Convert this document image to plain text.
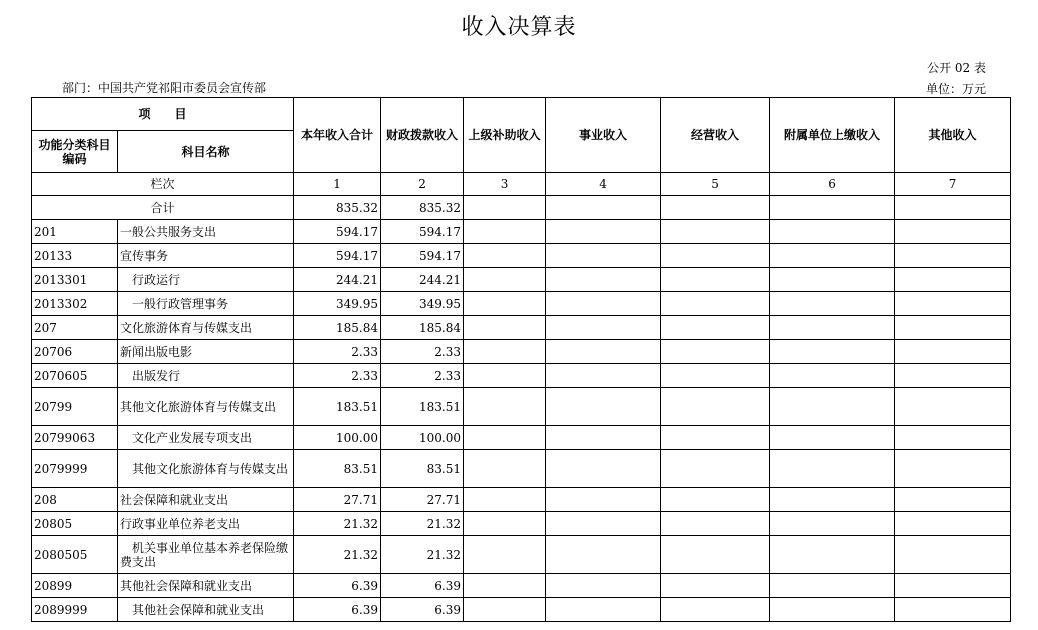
收入决算表
公开 02 表
单位：万元
部门：中国共产党祁阳市委员会宣传部
项　　目		本年收入合计	财政拨款收入	上级补助收入	事业收入	经营收入	附属单位上缴收入	其他收入
功能分类科目编码	科目名称							
栏次		1	2	3	4	5	6	7
合计		835.32	835.32					
201	一般公共服务支出	594.17	594.17					
20133	宣传事务	594.17	594.17					
2013301	　行政运行	244.21	244.21					
2013302	　一般行政管理事务	349.95	349.95					
207	文化旅游体育与传媒支出	185.84	185.84					
20706	新闻出版电影	2.33	2.33					
2070605	　出版发行	2.33	2.33					
20799	其他文化旅游体育与传媒支出	183.51	183.51					
20799063	　文化产业发展专项支出	100.00	100.00					
2079999	　其他文化旅游体育与传媒支出	83.51	83.51					
208	社会保障和就业支出	27.71	27.71					
20805	行政事业单位养老支出	21.32	21.32					
2080505	　机关事业单位基本养老保险缴费支出	21.32	21.32					
20899	其他社会保障和就业支出	6.39	6.39					
2089999	　其他社会保障和就业支出	6.39	6.39					
